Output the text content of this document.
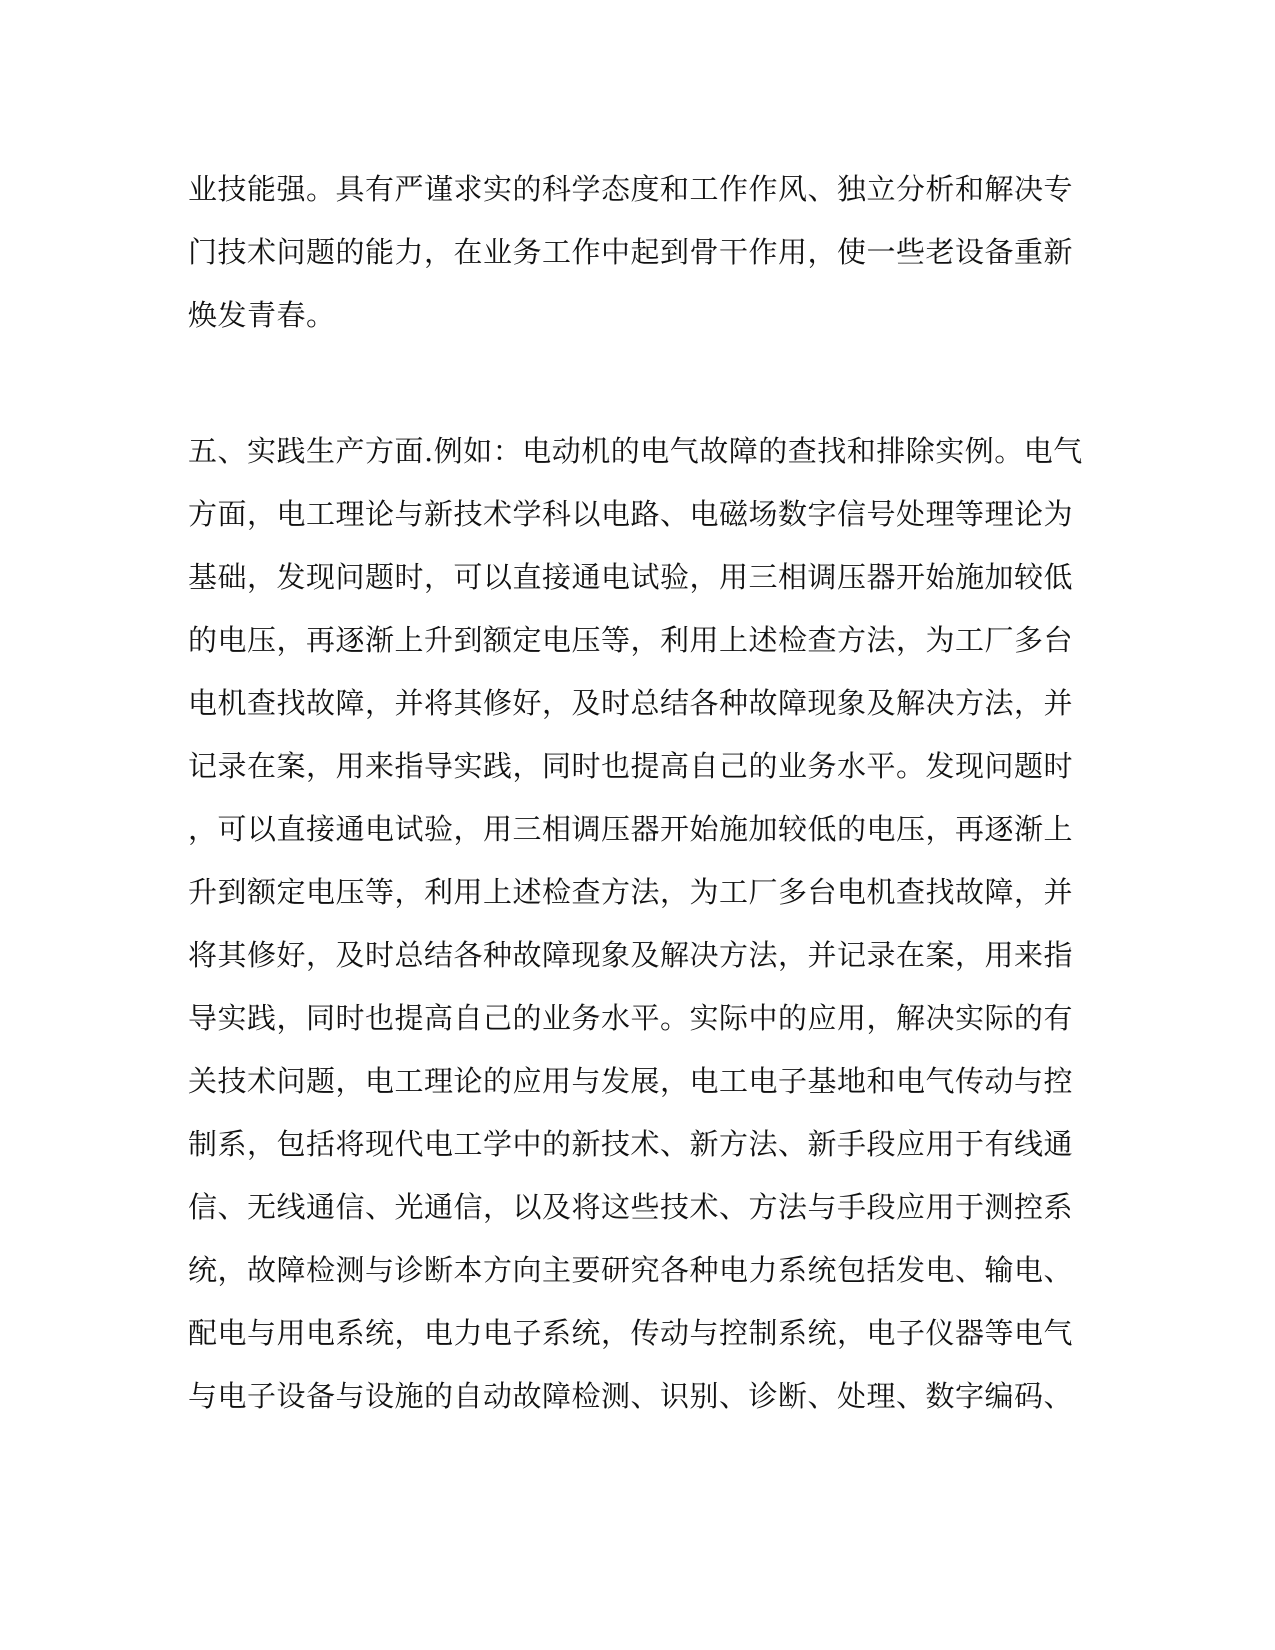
业技能强。具有严谨求实的科学态度和工作作风、独立分析和解决专
门技术问题的能力，在业务工作中起到骨干作用，使一些老设备重新
焕发青春。
五、实践生产方面.例如：电动机的电气故障的查找和排除实例。电气
方面，电工理论与新技术学科以电路、电磁场数字信号处理等理论为
基础，发现问题时，可以直接通电试验，用三相调压器开始施加较低
的电压，再逐渐上升到额定电压等，利用上述检查方法，为工厂多台
电机查找故障，并将其修好，及时总结各种故障现象及解决方法，并
记录在案，用来指导实践，同时也提高自己的业务水平。发现问题时
，可以直接通电试验，用三相调压器开始施加较低的电压，再逐渐上
升到额定电压等，利用上述检查方法，为工厂多台电机查找故障，并
将其修好，及时总结各种故障现象及解决方法，并记录在案，用来指
导实践，同时也提高自己的业务水平。实际中的应用，解决实际的有
关技术问题，电工理论的应用与发展，电工电子基地和电气传动与控
制系，包括将现代电工学中的新技术、新方法、新手段应用于有线通
信、无线通信、光通信，以及将这些技术、方法与手段应用于测控系
统，故障检测与诊断本方向主要研究各种电力系统包括发电、输电、
配电与用电系统，电力电子系统，传动与控制系统，电子仪器等电气
与电子设备与设施的自动故障检测、识别、诊断、处理、数字编码、
